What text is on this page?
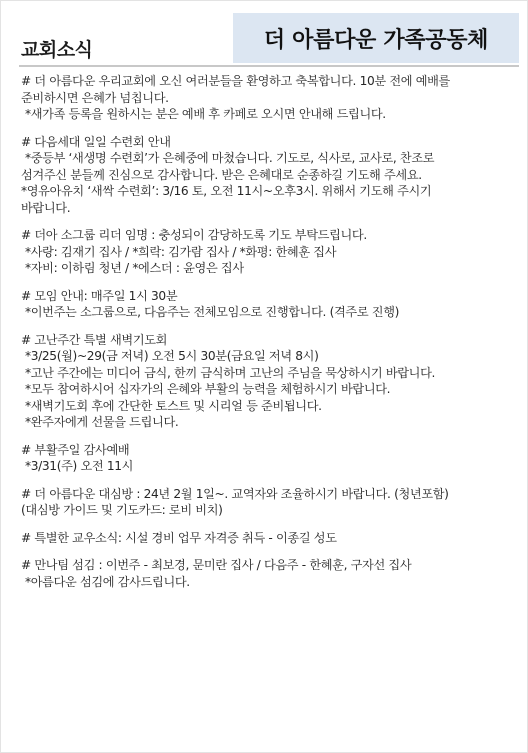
교회소식	더 아름다운 가족공동체
# 더 아름다운 우리교회에 오신 여러분들을 환영하고 축복합니다. 10분 전에 예배를
준비하시면 은혜가 넘칩니다.
*새가족 등록을 원하시는 분은 예배 후 카페로 오시면 안내해 드립니다.
# 다음세대 일일 수련회 안내
*중등부 ‘새생명 수련회’가 은혜중에 마쳤습니다. 기도로, 식사로, 교사로, 찬조로
섬겨주신 분들께 진심으로 감사합니다. 받은 은혜대로 순종하길 기도해 주세요.
*영유아유치 ‘새싹 수련회’: 3/16 토, 오전 11시~오후3시. 위해서 기도해 주시기
바랍니다.
# 더아 소그룹 리더 임명 : 충성되이 감당하도록 기도 부탁드립니다.
*사랑: 김재기 집사 / *희락: 김가람 집사 / *화평: 한혜훈 집사
*자비: 이하림 청년 / *에스더 : 윤영은 집사
# 모임 안내: 매주일 1시 30분
*이번주는 소그룹으로, 다음주는 전체모임으로 진행합니다. (격주로 진행)
# 고난주간 특별 새벽기도회
*3/25(월)~29(금 저녁) 오전 5시 30분(금요일 저녁 8시)
*고난 주간에는 미디어 금식, 한끼 금식하며 고난의 주님을 묵상하시기 바랍니다.
*모두 참여하시어 십자가의 은혜와 부활의 능력을 체험하시기 바랍니다.
*새벽기도회 후에 간단한 토스트 및 시리얼 등 준비됩니다.
*완주자에게 선물을 드립니다.
# 부활주일 감사예배
*3/31(주) 오전 11시
# 더 아름다운 대심방 : 24년 2월 1일~. 교역자와 조율하시기 바랍니다. (청년포함)
(대심방 가이드 및 기도카드: 로비 비치)
# 특별한 교우소식: 시설 경비 업무 자격증 취득 - 이종길 성도
# 만나팀 섬김 : 이번주 - 최보경, 문미란 집사 / 다음주 - 한혜훈, 구자선 집사
*아름다운 섬김에 감사드립니다.
